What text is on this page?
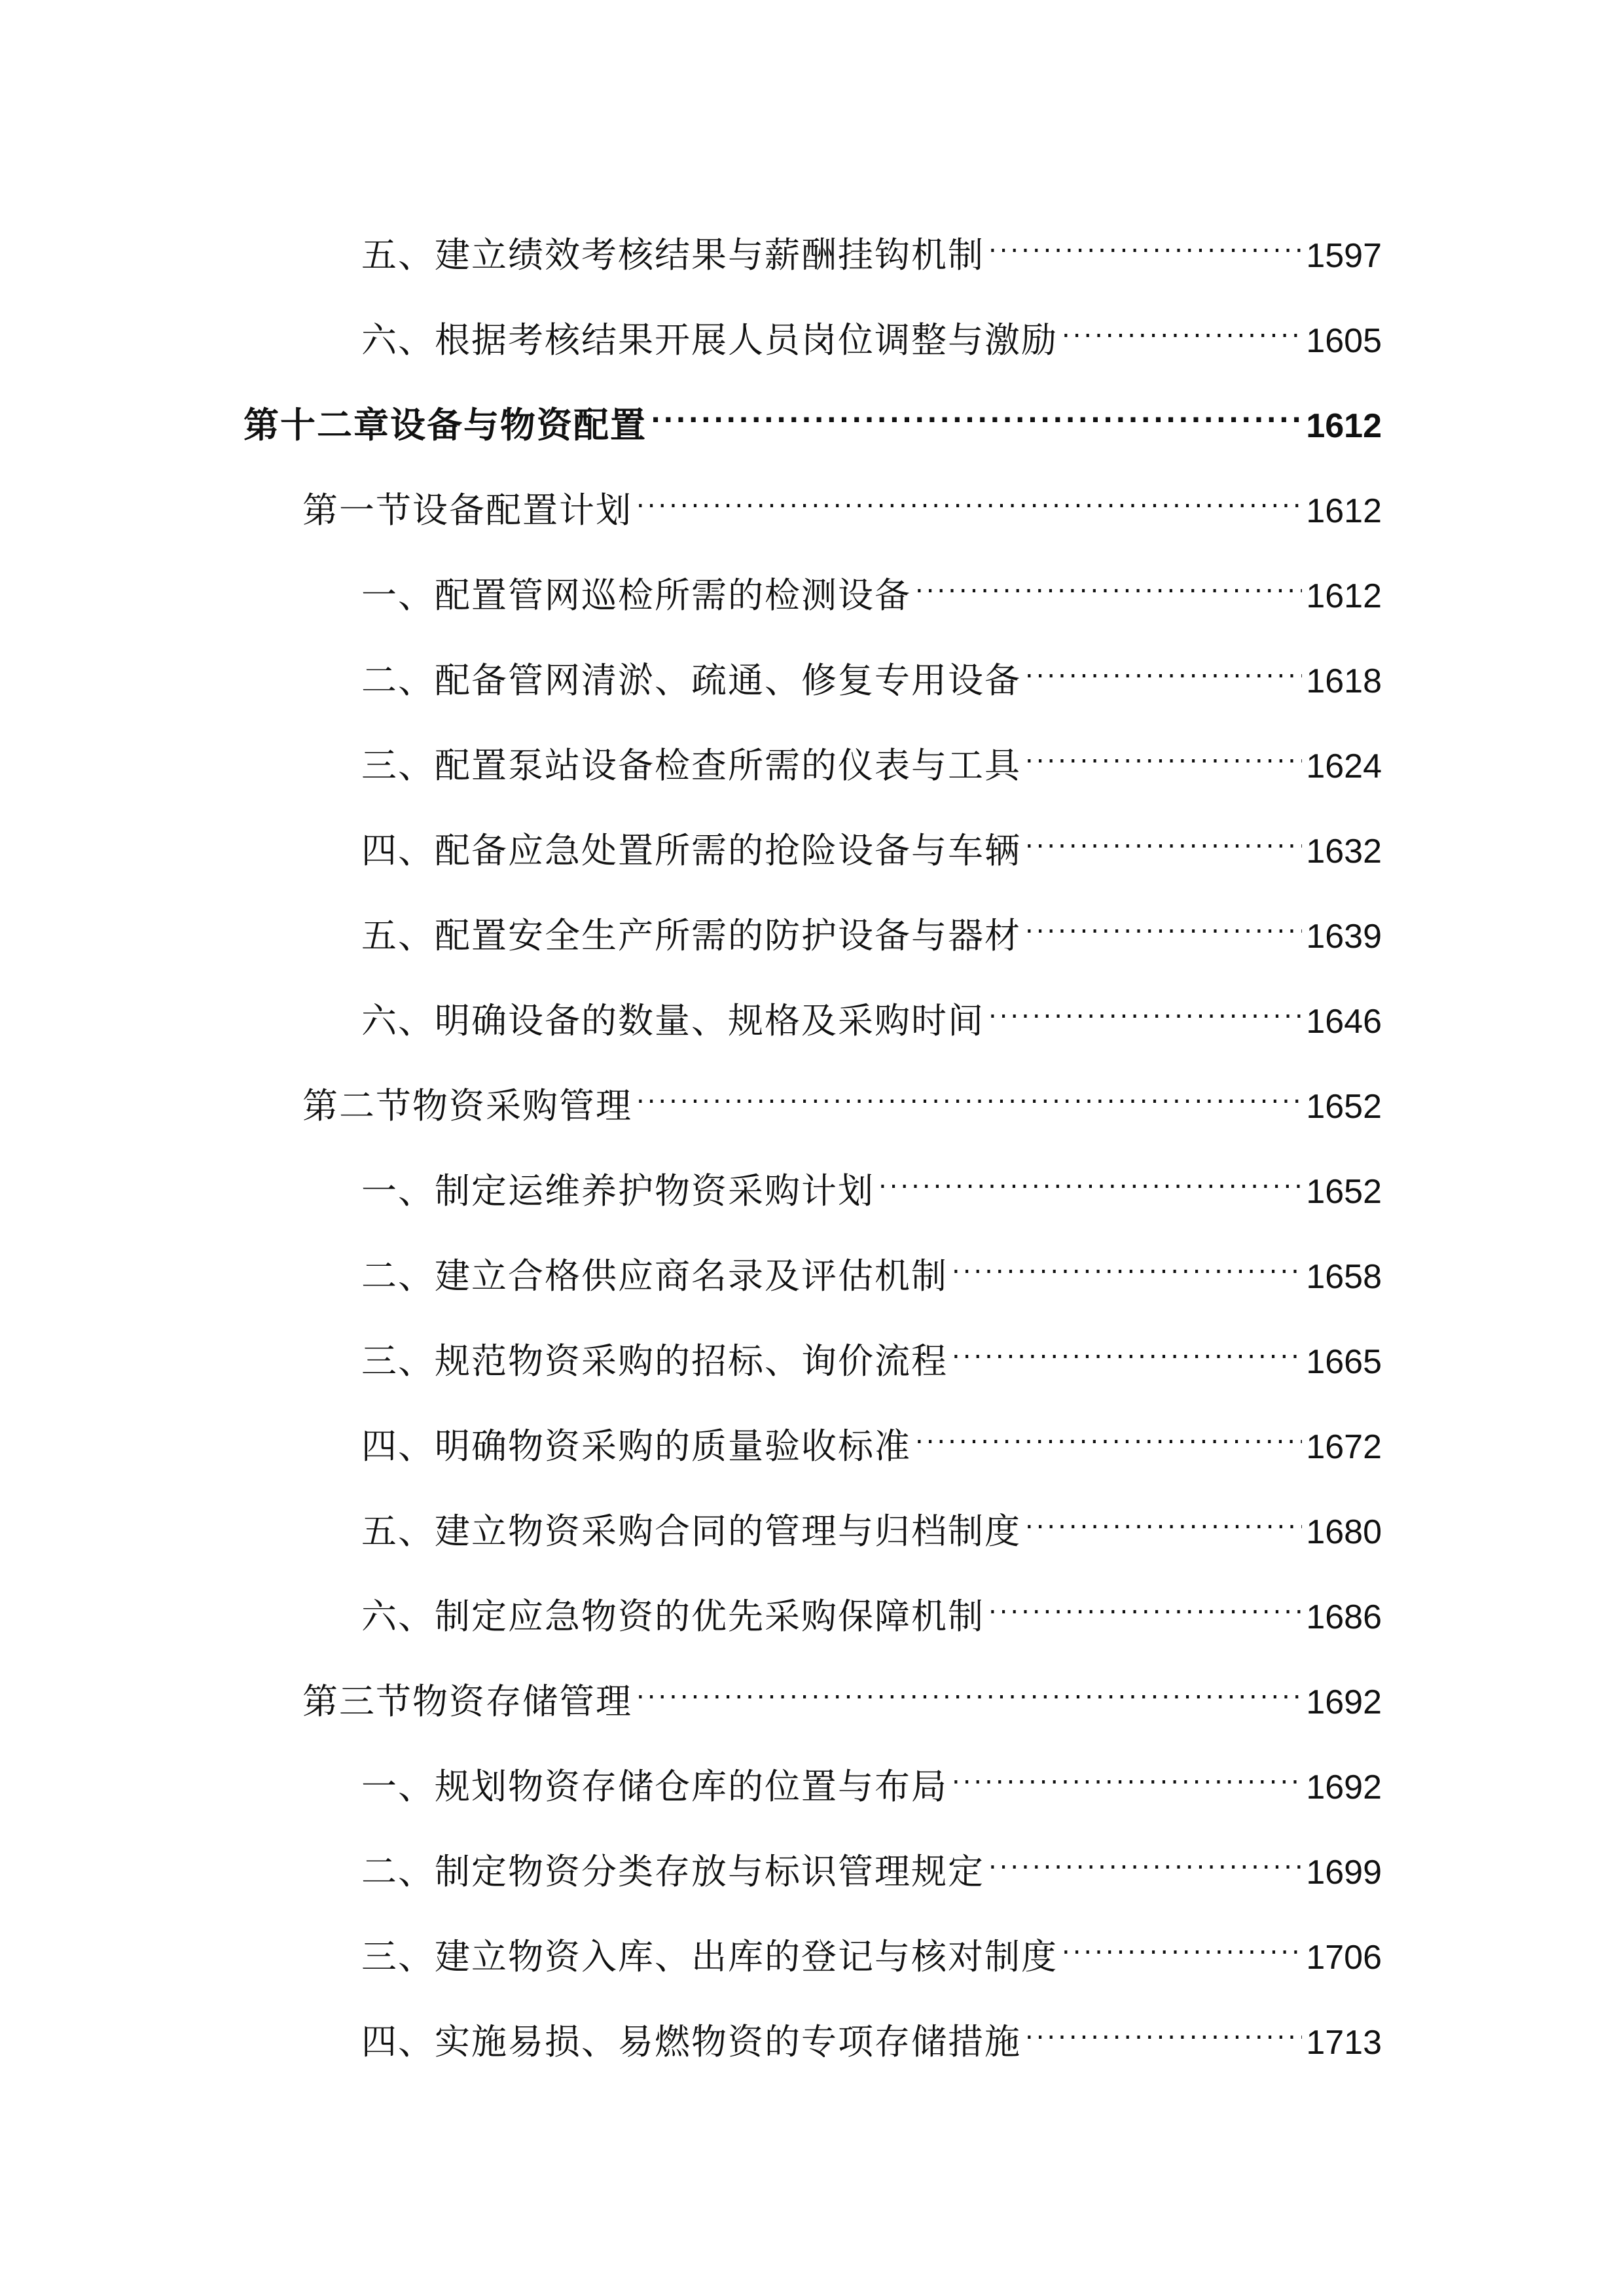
五、建立绩效考核结果与薪酬挂钩机制 .....	1597
六、根据考核结果开展人员岗位调整与激励 .....	1605
第十二章设备与物资配置 .....	1612
第一节设备配置计划 .....	1612
一、配置管网巡检所需的检测设备 .....	1612
二、配备管网清淤、疏通、修复专用设备 .....	1618
三、配置泵站设备检查所需的仪表与工具 .....	1624
四、配备应急处置所需的抢险设备与车辆 .....	1632
五、配置安全生产所需的防护设备与器材 .....	1639
六、明确设备的数量、规格及采购时间 .....	1646
第二节物资采购管理 .....	1652
一、制定运维养护物资采购计划 .....	1652
二、建立合格供应商名录及评估机制 .....	1658
三、规范物资采购的招标、询价流程 .....	1665
四、明确物资采购的质量验收标准 .....	1672
五、建立物资采购合同的管理与归档制度 .....	1680
六、制定应急物资的优先采购保障机制 .....	1686
第三节物资存储管理 .....	1692
一、规划物资存储仓库的位置与布局 .....	1692
二、制定物资分类存放与标识管理规定 .....	1699
三、建立物资入库、出库的登记与核对制度 .....	1706
四、实施易损、易燃物资的专项存储措施 .....	1713
